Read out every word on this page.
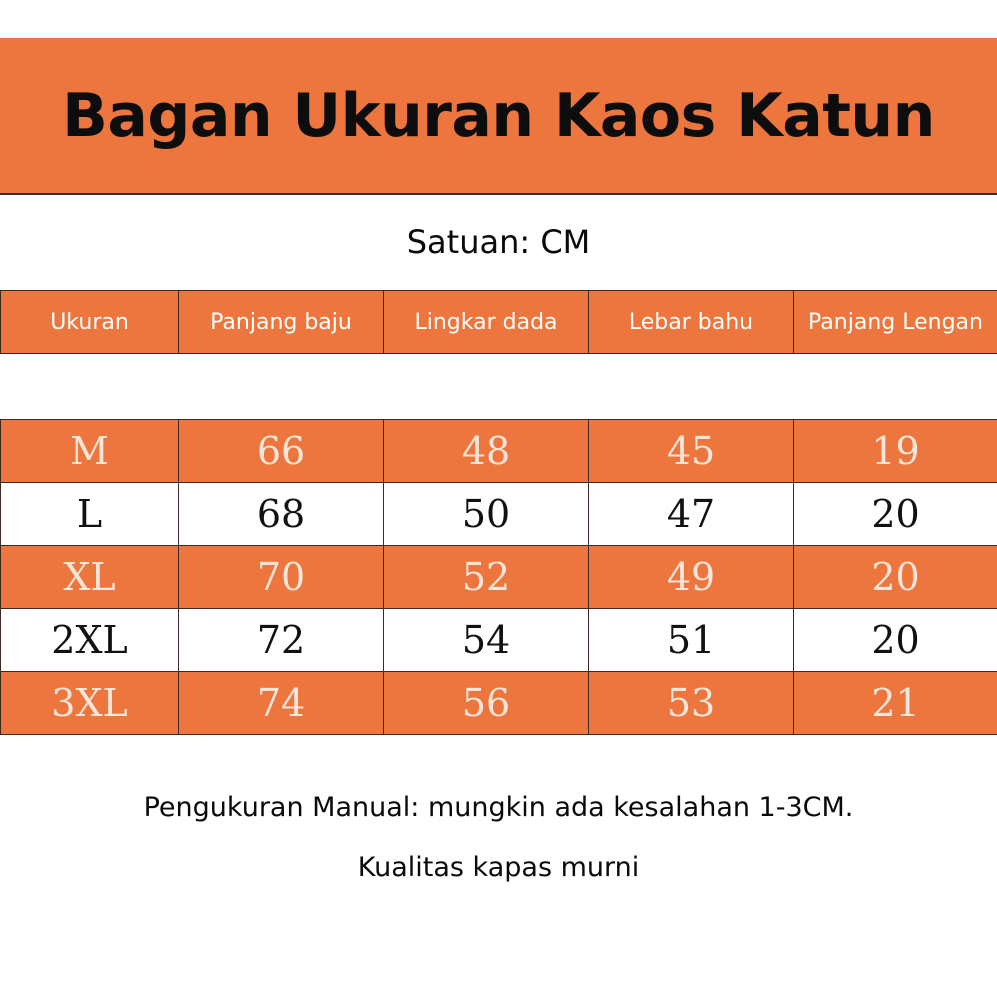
Bagan Ukuran Kaos Katun
Satuan: CM
Ukuran	Panjang baju	Lingkar dada	Lebar bahu	Panjang Lengan
M	66	48	45	19
L	68	50	47	20
XL	70	52	49	20
2XL	72	54	51	20
3XL	74	56	53	21

Pengukuran Manual: mungkin ada kesalahan 1-3CM.

Kualitas kapas murni
